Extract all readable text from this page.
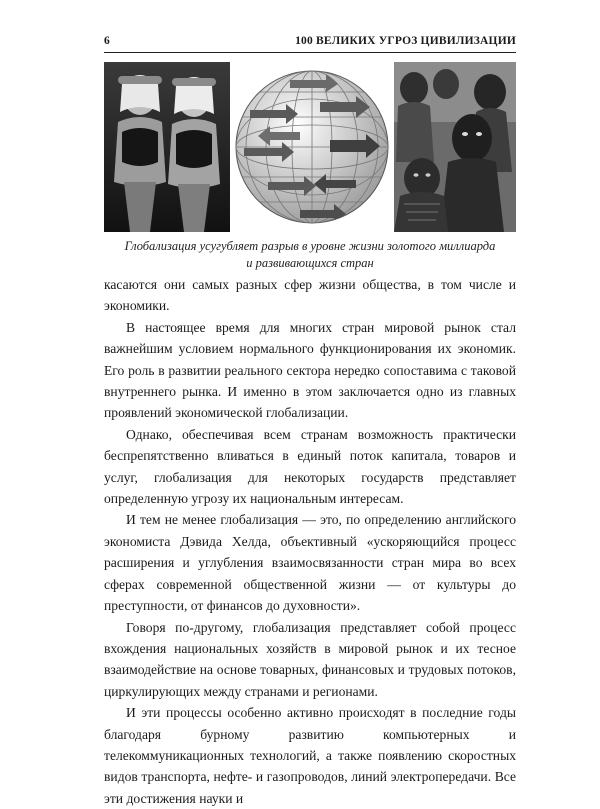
6	100 ВЕЛИКИХ УГРОЗ ЦИВИЛИЗАЦИИ
Глобализация усугубляет разрыв в уровне жизни золотого миллиарда
и развивающихся стран

касаются они самых разных сфер жизни общества, в том числе и экономики.

В настоящее время для многих стран мировой рынок стал важнейшим условием нормального функционирования их экономик. Его роль в развитии реального сектора нередко сопоставима с таковой внутреннего рынка. И именно в этом заключается одно из главных проявлений экономической глобализации.

Однако, обеспечивая всем странам возможность практически беспрепятственно вливаться в единый поток капитала, товаров и услуг, глобализация для некоторых государств представляет определенную угрозу их национальным интересам.

И тем не менее глобализация — это, по определению английского экономиста Дэвида Хелда, объективный «ускоряющийся процесс расширения и углубления взаимосвязанности стран мира во всех сферах современной общественной жизни — от культуры до преступности, от финансов до духовности».

Говоря по-другому, глобализация представляет собой процесс вхождения национальных хозяйств в мировой рынок и их тесное взаимодействие на основе товарных, финансовых и трудовых потоков, циркулирующих между странами и регионами.

И эти процессы особенно активно происходят в последние годы благодаря бурному развитию компьютерных и телекоммуникационных технологий, а также появлению скоростных видов транспорта, нефте- и газопроводов, линий электропередачи. Все эти достижения науки и
